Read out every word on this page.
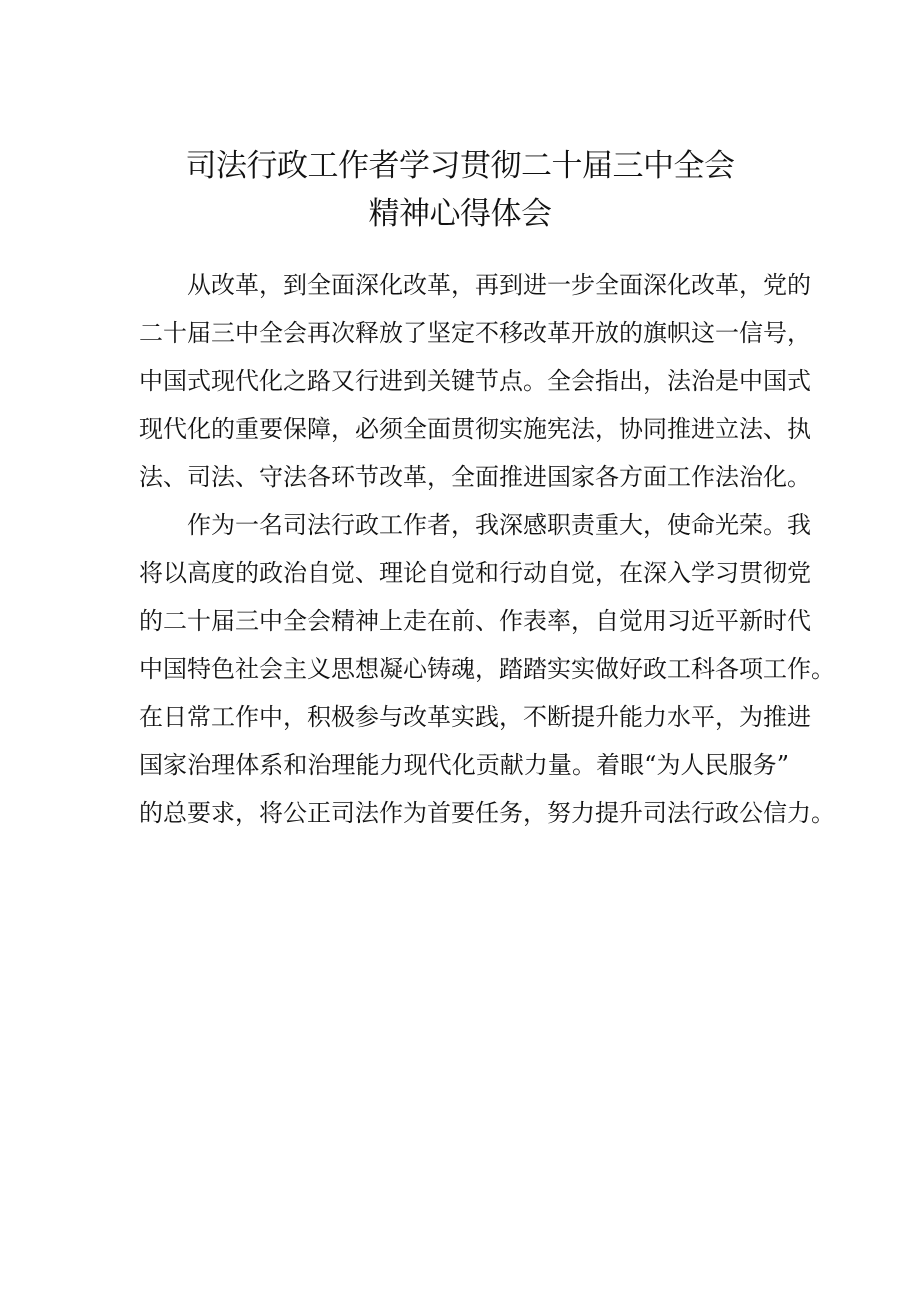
司法行政工作者学习贯彻二十届三中全会
精神心得体会
从改革，到全面深化改革，再到进一步全面深化改革，党的
二十届三中全会再次释放了坚定不移改革开放的旗帜这一信号，
中国式现代化之路又行进到关键节点。全会指出，法治是中国式
现代化的重要保障，必须全面贯彻实施宪法，协同推进立法、执
法、司法、守法各环节改革，全面推进国家各方面工作法治化。
作为一名司法行政工作者，我深感职责重大，使命光荣。我
将以高度的政治自觉、理论自觉和行动自觉，在深入学习贯彻党
的二十届三中全会精神上走在前、作表率，自觉用习近平新时代
中国特色社会主义思想凝心铸魂，踏踏实实做好政工科各项工作。
在日常工作中，积极参与改革实践，不断提升能力水平，为推进
国家治理体系和治理能力现代化贡献力量。着眼“为人民服务”
的总要求，将公正司法作为首要任务，努力提升司法行政公信力。
